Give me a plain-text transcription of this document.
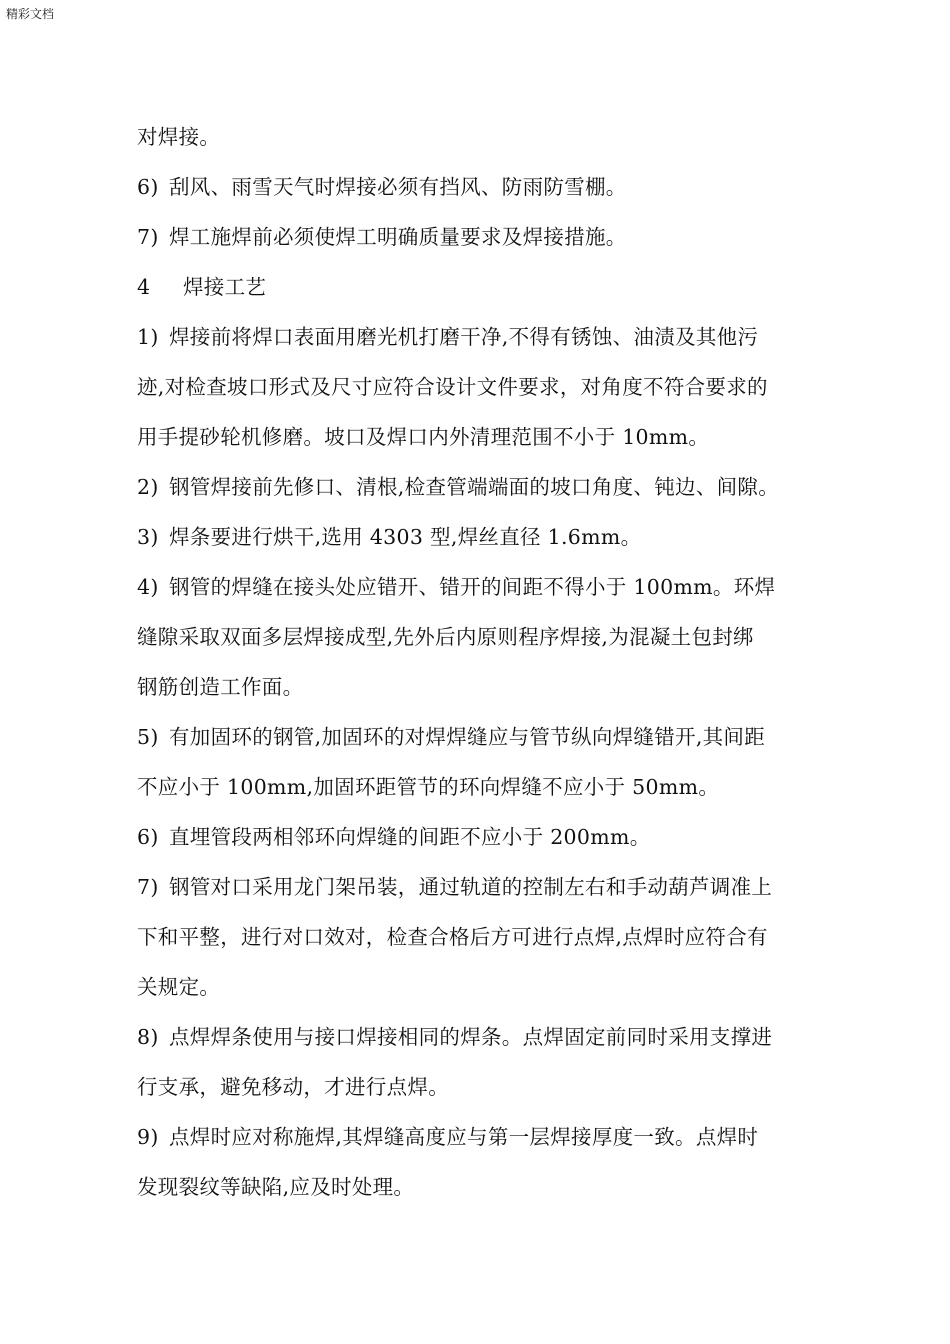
精彩文档
对焊接。
6) 刮风、雨雪天气时焊接必须有挡风、防雨防雪棚。
7) 焊工施焊前必须使焊工明确质量要求及焊接措施。
4 焊接工艺
1) 焊接前将焊口表面用磨光机打磨干净,不得有锈蚀、油渍及其他污
迹,对检查坡口形式及尺寸应符合设计文件要求，对角度不符合要求的
用手提砂轮机修磨。坡口及焊口内外清理范围不小于 10mm。
2) 钢管焊接前先修口、清根,检查管端端面的坡口角度、钝边、间隙。
3) 焊条要进行烘干,选用 4303 型,焊丝直径 1.6mm。
4) 钢管的焊缝在接头处应错开、错开的间距不得小于 100mm。环焊
缝隙采取双面多层焊接成型,先外后内原则程序焊接,为混凝土包封绑
钢筋创造工作面。
5) 有加固环的钢管,加固环的对焊焊缝应与管节纵向焊缝错开,其间距
不应小于 100mm,加固环距管节的环向焊缝不应小于 50mm。
6) 直埋管段两相邻环向焊缝的间距不应小于 200mm。
7) 钢管对口采用龙门架吊装，通过轨道的控制左右和手动葫芦调准上
下和平整，进行对口效对，检查合格后方可进行点焊,点焊时应符合有
关规定。
8) 点焊焊条使用与接口焊接相同的焊条。点焊固定前同时采用支撑进
行支承，避免移动，才进行点焊。
9) 点焊时应对称施焊,其焊缝高度应与第一层焊接厚度一致。点焊时
发现裂纹等缺陷,应及时处理。
